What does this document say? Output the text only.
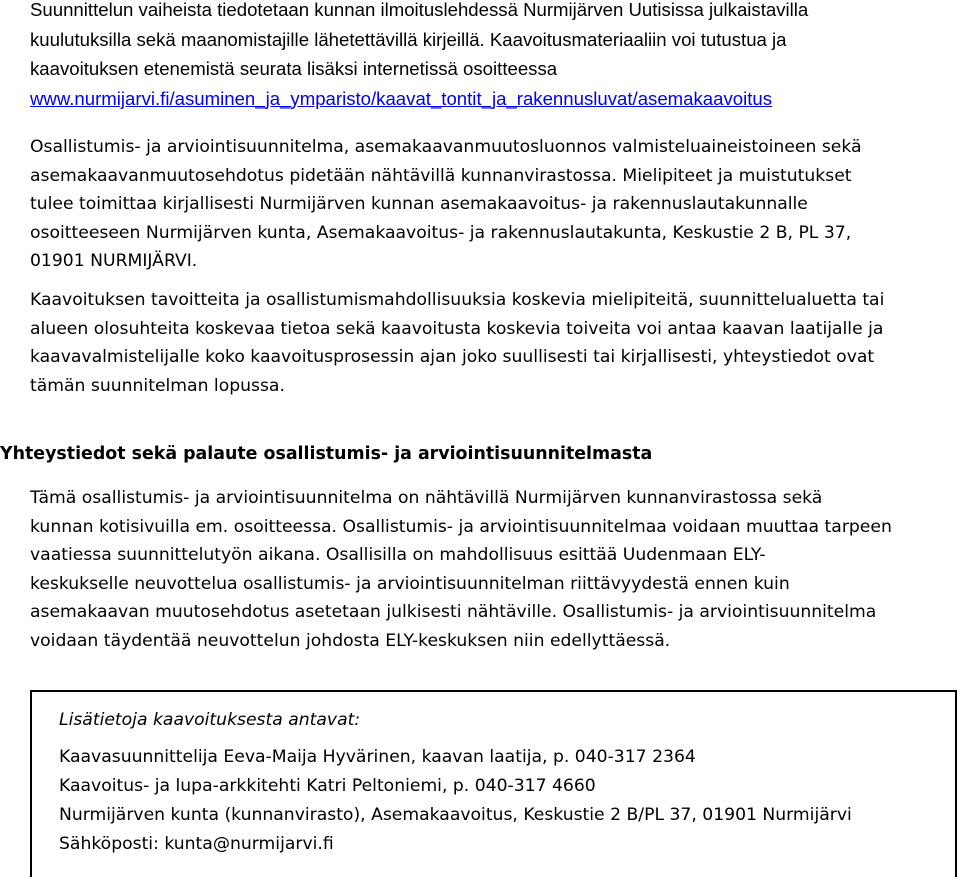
Suunnittelun vaiheista tiedotetaan kunnan ilmoituslehdessä Nurmijärven Uutisissa julkaistavilla
kuulutuksilla sekä maanomistajille lähetettävillä kirjeillä. Kaavoitusmateriaaliin voi tutustua ja
kaavoituksen etenemistä seurata lisäksi internetissä osoitteessa
www.nurmijarvi.fi/asuminen_ja_ymparisto/kaavat_tontit_ja_rakennusluvat/asemakaavoitus

Osallistumis- ja arviointisuunnitelma, asemakaavanmuutosluonnos valmisteluaineistoineen sekä
asemakaavanmuutosehdotus pidetään nähtävillä kunnanvirastossa. Mielipiteet ja muistutukset
tulee toimittaa kirjallisesti Nurmijärven kunnan asemakaavoitus- ja rakennuslautakunnalle
osoitteeseen Nurmijärven kunta, Asemakaavoitus- ja rakennuslautakunta, Keskustie 2 B, PL 37,
01901 NURMIJÄRVI.

Kaavoituksen tavoitteita ja osallistumismahdollisuuksia koskevia mielipiteitä, suunnittelualuetta tai
alueen olosuhteita koskevaa tietoa sekä kaavoitusta koskevia toiveita voi antaa kaavan laatijalle ja
kaavavalmistelijalle koko kaavoitusprosessin ajan joko suullisesti tai kirjallisesti, yhteystiedot ovat
tämän suunnitelman lopussa.

Yhteystiedot sekä palaute osallistumis- ja arviointisuunnitelmasta

Tämä osallistumis- ja arviointisuunnitelma on nähtävillä Nurmijärven kunnanvirastossa sekä
kunnan kotisivuilla em. osoitteessa. Osallistumis- ja arviointisuunnitelmaa voidaan muuttaa tarpeen
vaatiessa suunnittelutyön aikana. Osallisilla on mahdollisuus esittää Uudenmaan ELY-
keskukselle neuvottelua osallistumis- ja arviointisuunnitelman riittävyydestä ennen kuin
asemakaavan muutosehdotus asetetaan julkisesti nähtäville. Osallistumis- ja arviointisuunnitelma
voidaan täydentää neuvottelun johdosta ELY-keskuksen niin edellyttäessä.

Lisätietoja kaavoituksesta antavat:

Kaavasuunnittelija Eeva-Maija Hyvärinen, kaavan laatija, p. 040-317 2364

Kaavoitus- ja lupa-arkkitehti Katri Peltoniemi, p. 040-317 4660

Nurmijärven kunta (kunnanvirasto), Asemakaavoitus, Keskustie 2 B/PL 37, 01901 Nurmijärvi

Sähköposti: kunta@nurmijarvi.fi
